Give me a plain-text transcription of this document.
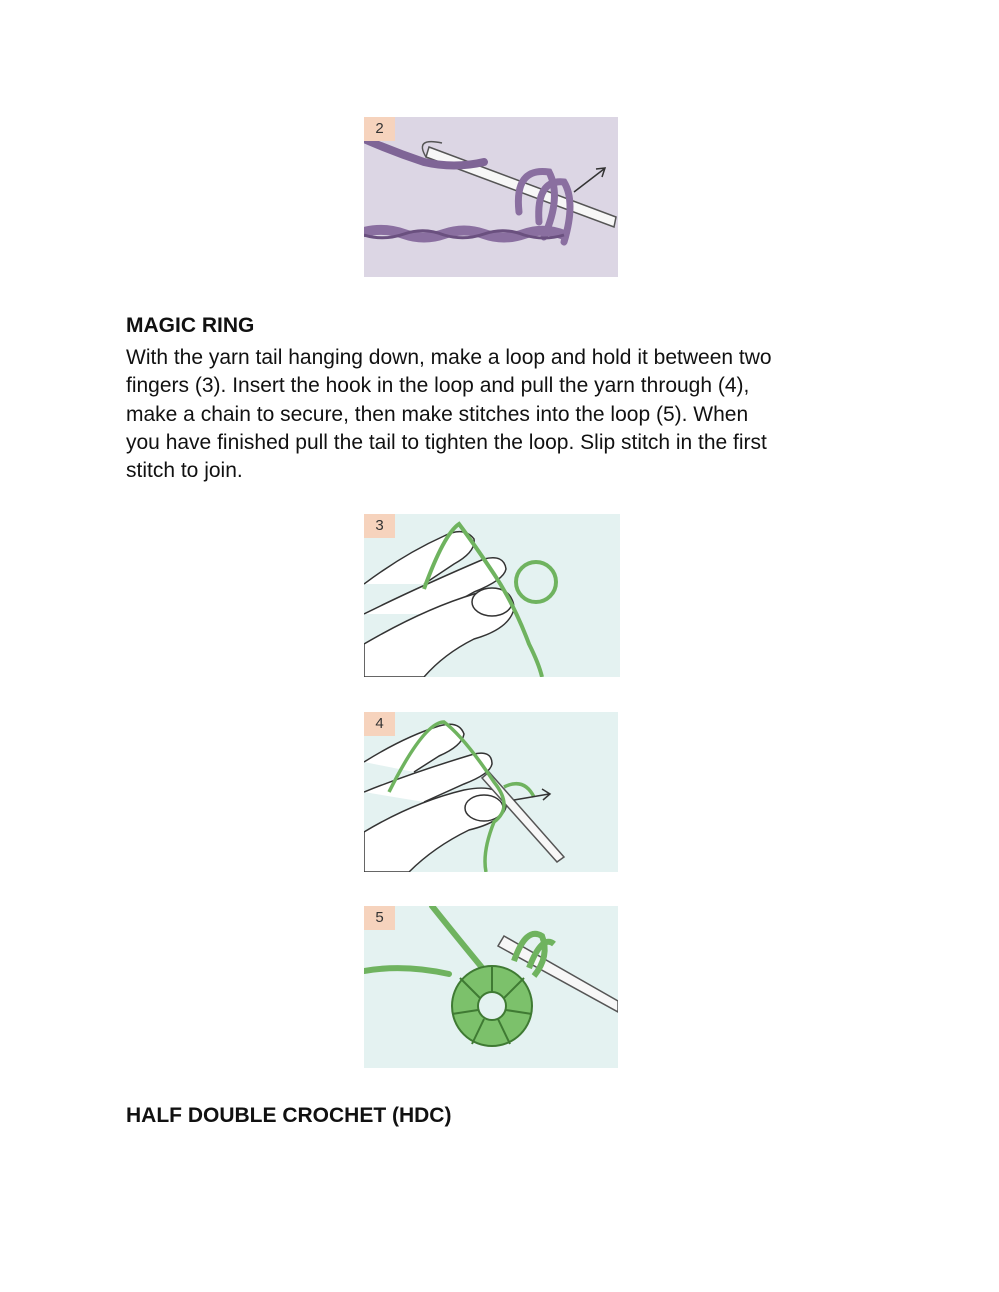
2
MAGIC RING
With the yarn tail hanging down, make a loop and hold it between two
fingers (3). Insert the hook in the loop and pull the yarn through (4),
make a chain to secure, then make stitches into the loop (5). When
you have finished pull the tail to tighten the loop. Slip stitch in the first
stitch to join.
3
4
5
HALF DOUBLE CROCHET (HDC)
